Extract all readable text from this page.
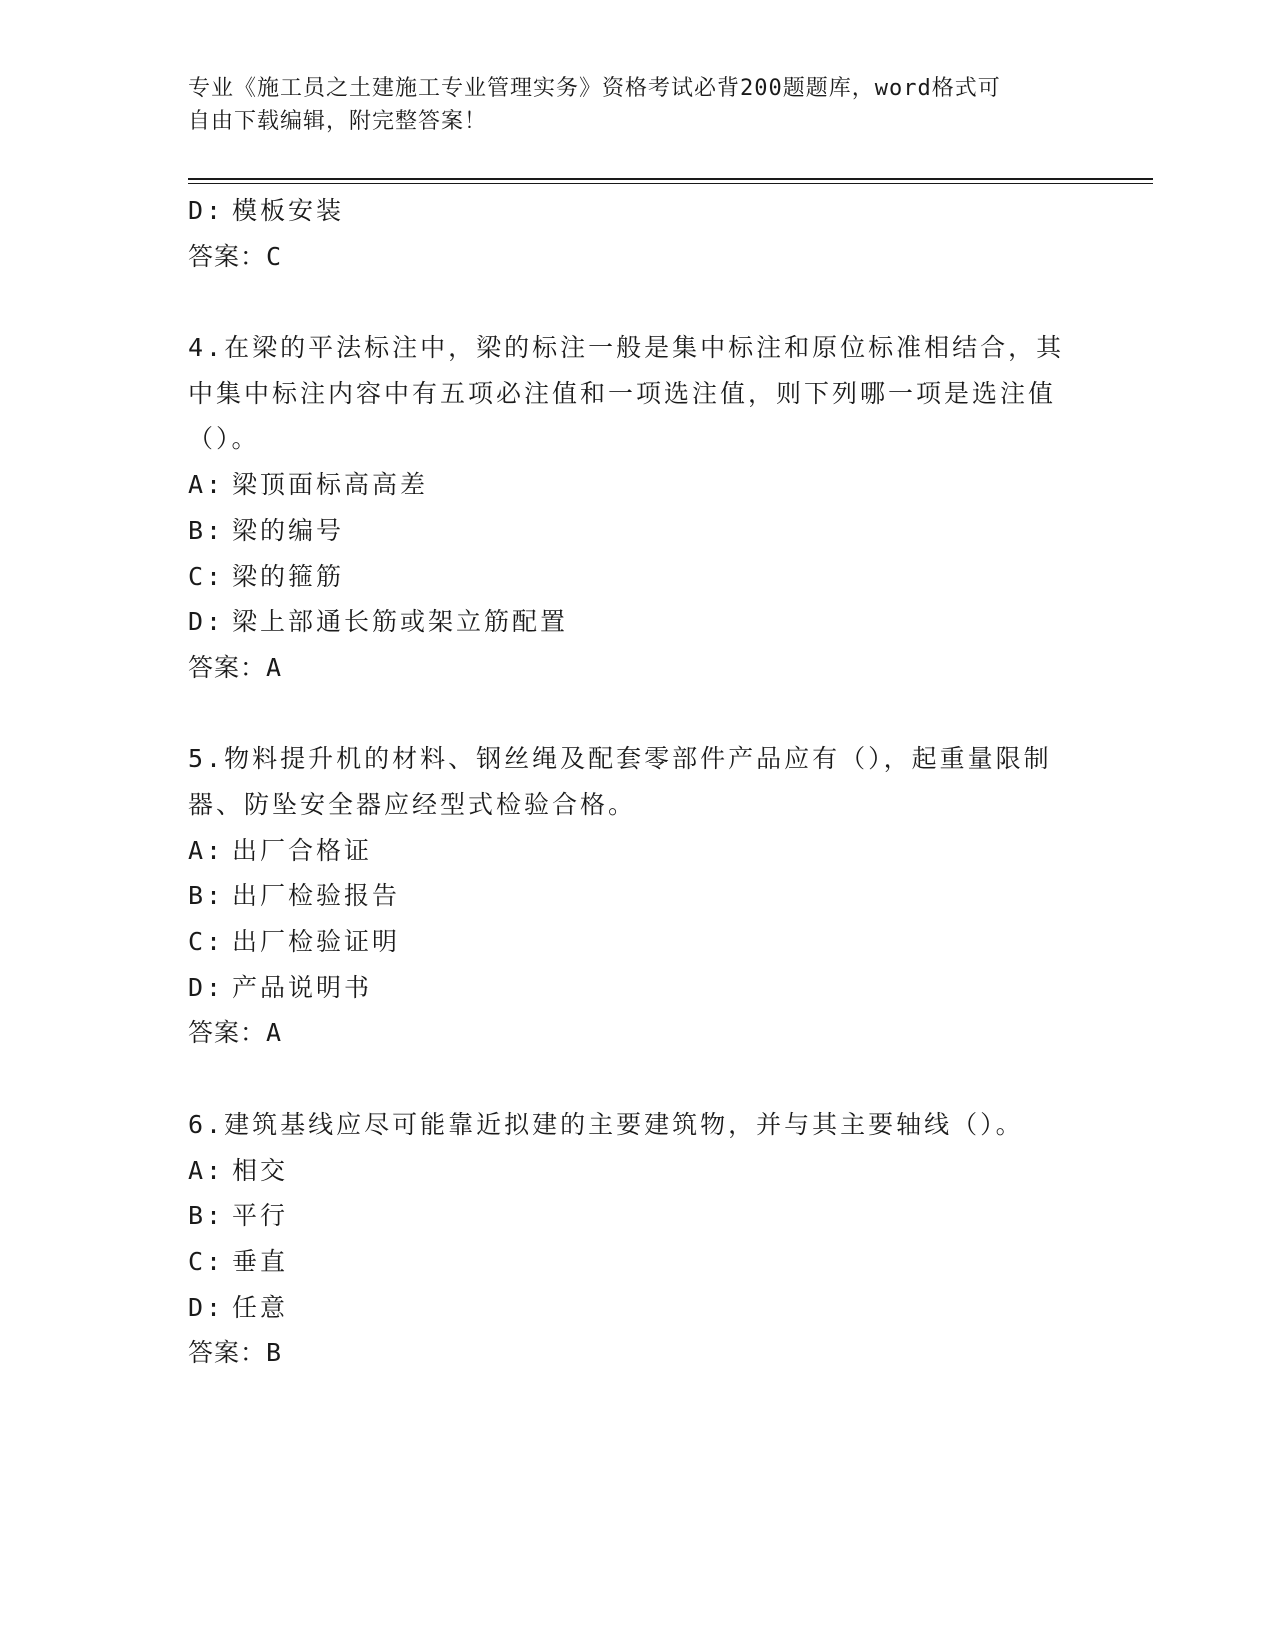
专业《施工员之土建施工专业管理实务》资格考试必背200题题库，word格式可
自由下载编辑，附完整答案！
D: 模板安装
答案：C
4.在梁的平法标注中，梁的标注一般是集中标注和原位标准相结合，其中集中标注内容中有五项必注值和一项选注值，则下列哪一项是选注值（）。
A: 梁顶面标高高差
B: 梁的编号
C: 梁的箍筋
D: 梁上部通长筋或架立筋配置
答案：A
5.物料提升机的材料、钢丝绳及配套零部件产品应有（），起重量限制器、防坠安全器应经型式检验合格。
A: 出厂合格证
B: 出厂检验报告
C: 出厂检验证明
D: 产品说明书
答案：A
6.建筑基线应尽可能靠近拟建的主要建筑物，并与其主要轴线（）。
A: 相交
B: 平行
C: 垂直
D: 任意
答案：B
